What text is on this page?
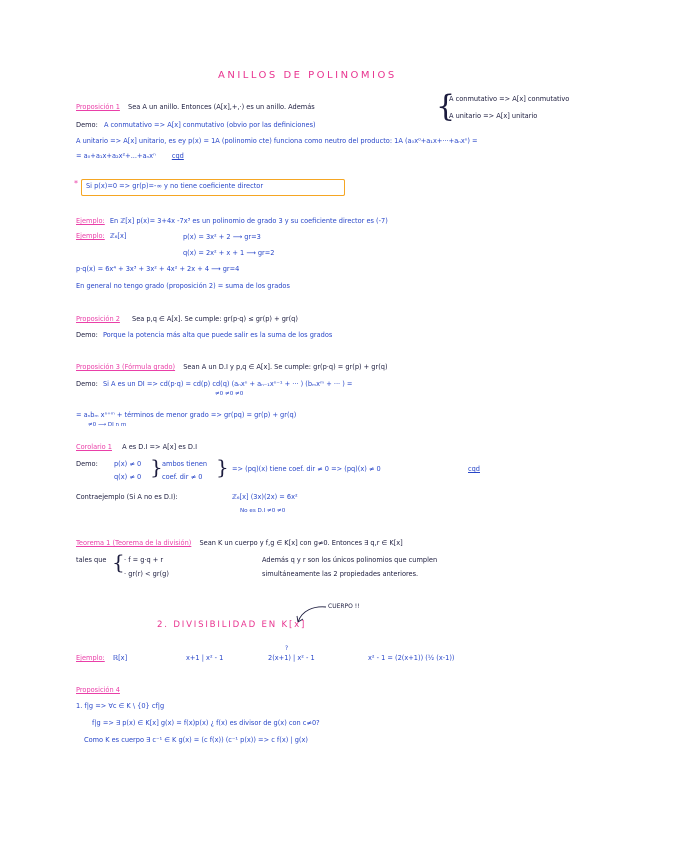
ANILLOS DE POLINOMIOS
Proposición 1 Sea A un anillo. Entonces (A[x],+,·) es un anillo. Además	{
A conmutativo => A[x] conmutativo
A unitario => A[x] unitario
Demo: A conmutativo => A[x] conmutativo (obvio por las definiciones)
A unitario => A[x] unitario, es ey p(x) = 1A (polinomio cte) funciona como neutro del producto: 1A (a₀x⁰+a₁x+···+aₙxⁿ) =
= a₀+a₁x+a₂x²+...+aₙxⁿ cqd
* Si p(x)=0 => gr(p)=-∞ y no tiene coeficiente director
Ejemplo: En ℤ[x] p(x)= 3+4x -7x³ es un polinomio de grado 3 y su coeficiente director es (-7)
Ejemplo: ℤ₆[x]	p(x) = 3x² + 2 ⟶ gr=3
q(x) = 2x² + x + 1 ⟶ gr=2
p·q(x) = 6x⁴ + 3x³ + 3x² + 4x² + 2x + 4 ⟶ gr=4
En general no tengo grado (proposición 2) = suma de los grados
Proposición 2 Sea p,q ∈ A[x]. Se cumple: gr(p·q) ≤ gr(p) + gr(q)
Demo: Porque la potencia más alta que puede salir es la suma de los grados
Proposición 3 (Fórmula grado) Sean A un D.I y p,q ∈ A[x]. Se cumple: gr(p·q) = gr(p) + gr(q)
Demo: Si A es un DI => cd(p·q) = cd(p) cd(q) (aₙxⁿ + aₙ₋₁xⁿ⁻¹ + ··· ) (bₘxᵐ + ··· ) =
≠0 ≠0 ≠0
= aₙbₘ xⁿ⁺ᵐ + términos de menor grado => gr(pq) = gr(p) + gr(q)
≠0 ⟶ DI n m
Corolario 1 A es D.I => A[x] es D.I
Demo: p(x) ≠ 0
q(x) ≠ 0 } ambos tienen
coef. dir ≠ 0 } => (pq)(x) tiene coef. dir ≠ 0 => (pq)(x) ≠ 0	cqd
Contraejemplo (Si A no es D.I):	ℤ₆[x] (3x)(2x) = 6x²
No es D.I ≠0 ≠0
Teorema 1 (Teorema de la división) Sean K un cuerpo y f,g ∈ K[x] con g≠0. Entonces ∃ q,r ∈ K[x]
tales que { · f = g·q + r
· gr(r) < gr(g)
Además q y r son los únicos polinomios que cumplen
simultáneamente las 2 propiedades anteriores.
CUERPO !!
2. DIVISIBILIDAD EN K[x]
Ejemplo: ℝ[x]	x+1 | x² - 1
?
2(x+1) | x² - 1	x² - 1 = (2(x+1)) (½ (x-1))
Proposición 4
1. f|g => ∀c ∈ K \ {0} cf|g
f|g => ∃ p(x) ∈ K[x] g(x) = f(x)p(x) ¿ f(x) es divisor de g(x) con c≠0?
Como K es cuerpo ∃ c⁻¹ ∈ K g(x) = (c f(x)) (c⁻¹ p(x)) => c f(x) | g(x)
